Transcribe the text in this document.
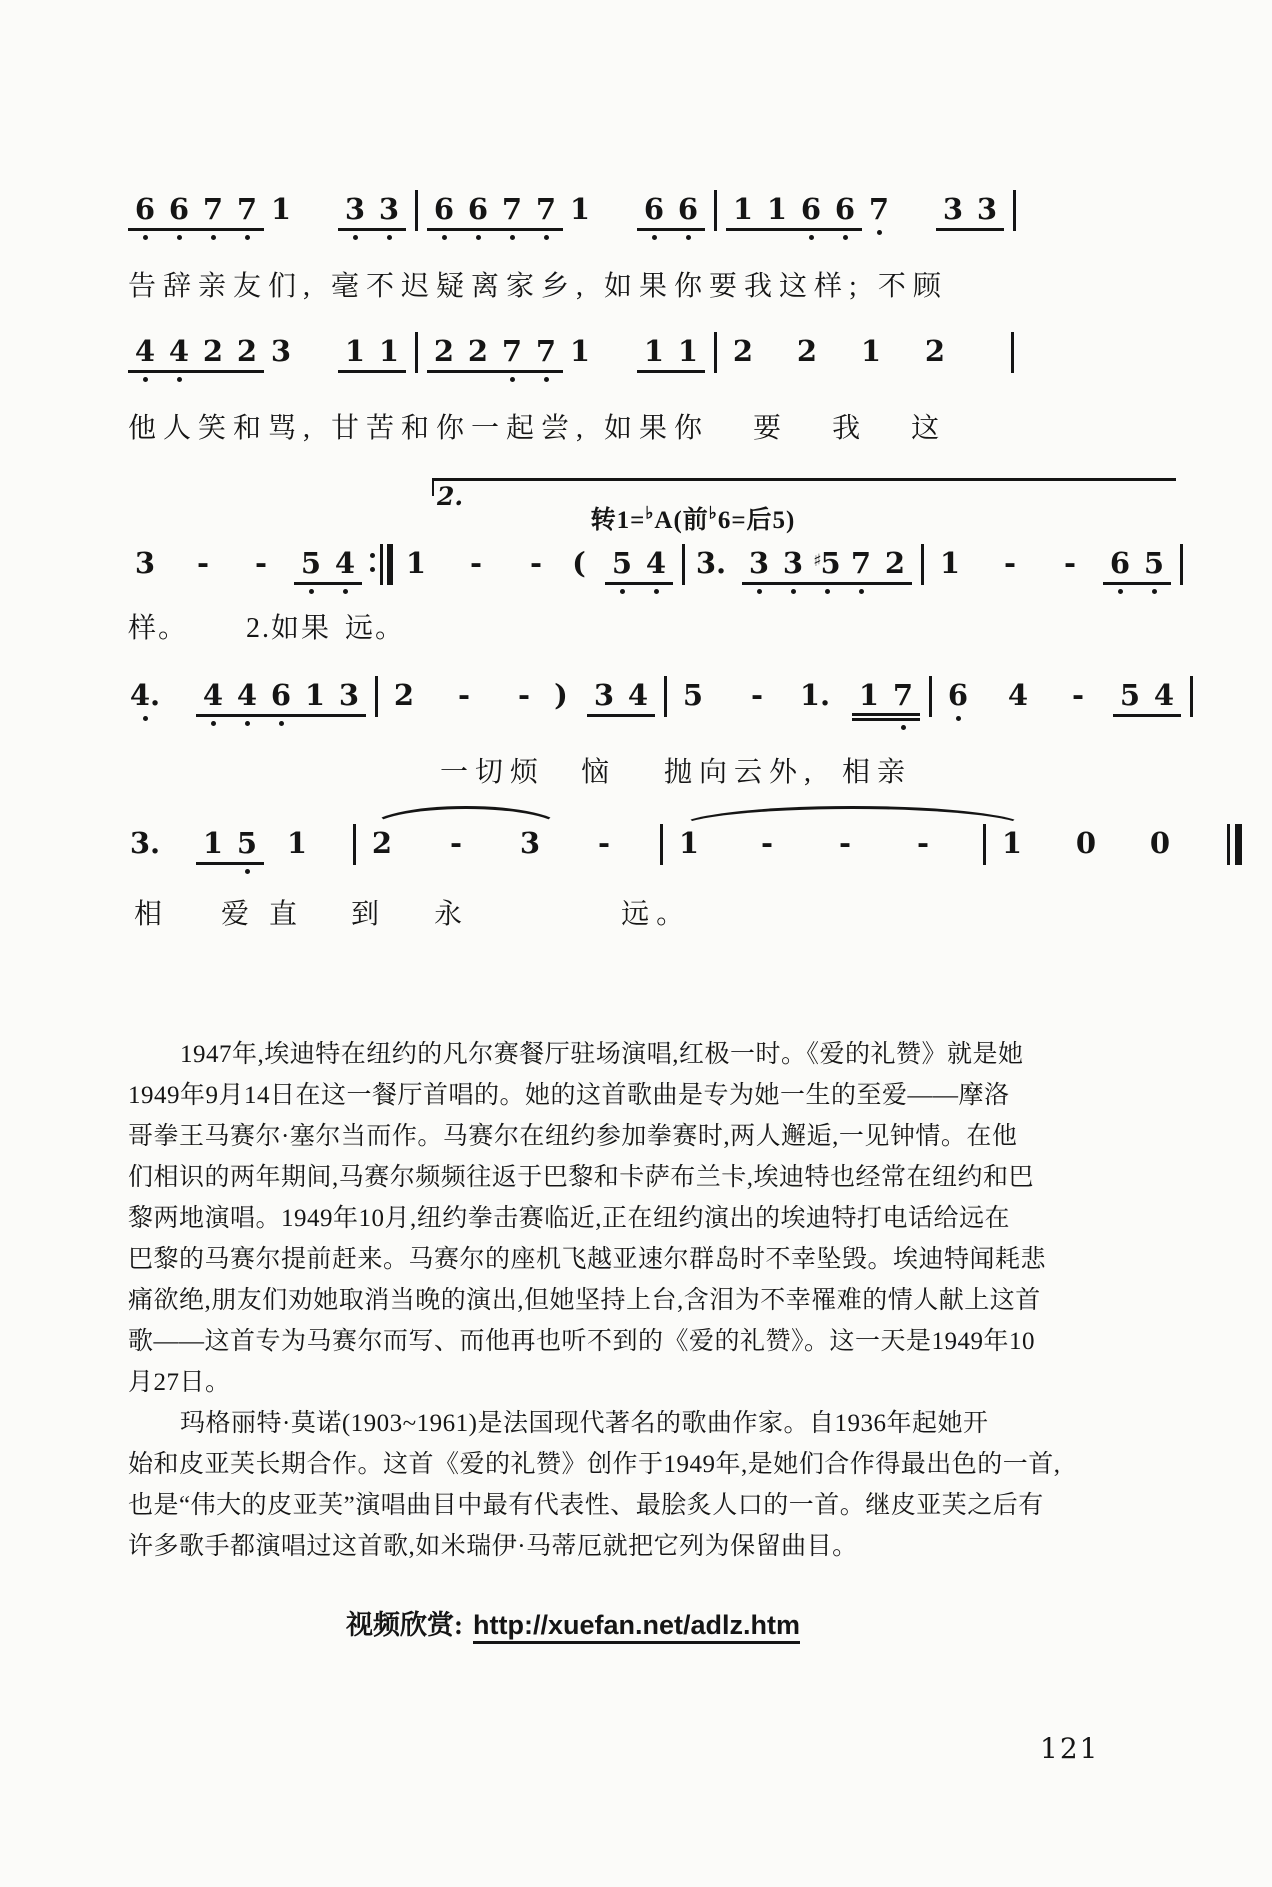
6 6 7 7 1 3 3 6 6 7 7 1 6 6 1 1 6 6 7 3 3
告辞亲友们, 毫不迟疑离家乡, 如果你要我这样; 不顾
4 4 2 2 3 1 1 2 2 7 7 1 1 1 2 2 1 2
他人笑和骂, 甘苦和你一起尝, 如果你 要 我 这
2.
转1=♭A(前♭6=后5)
3 - - 5 4 1 - - ( 5 4 3. 3 3 ♯ 5 7 2 1 - - 6 5
样。 2.如果 远。
4. 4 4 6 1 3 2 - - ) 3 4 5 - 1. 1 7 6 4 - 5 4
一切烦 恼 抛向云外, 相亲
3. 1 5 1 2 - 3 - 1 - - -	1 0 0
相 爱直 到 永	远。
1947年,埃迪特在纽约的凡尔赛餐厅驻场演唱,红极一时。《爱的礼赞》就是她
1949年9月14日在这一餐厅首唱的。她的这首歌曲是专为她一生的至爱——摩洛
哥拳王马赛尔·塞尔当而作。马赛尔在纽约参加拳赛时,两人邂逅,一见钟情。在他
们相识的两年期间,马赛尔频频往返于巴黎和卡萨布兰卡,埃迪特也经常在纽约和巴
黎两地演唱。1949年10月,纽约拳击赛临近,正在纽约演出的埃迪特打电话给远在
巴黎的马赛尔提前赶来。马赛尔的座机飞越亚速尔群岛时不幸坠毁。埃迪特闻耗悲
痛欲绝,朋友们劝她取消当晚的演出,但她坚持上台,含泪为不幸罹难的情人献上这首
歌——这首专为马赛尔而写、而他再也听不到的《爱的礼赞》。这一天是1949年10
月27日。
玛格丽特·莫诺(1903~1961)是法国现代著名的歌曲作家。自1936年起她开
始和皮亚芙长期合作。这首《爱的礼赞》创作于1949年,是她们合作得最出色的一首,
也是“伟大的皮亚芙”演唱曲目中最有代表性、最脍炙人口的一首。继皮亚芙之后有
许多歌手都演唱过这首歌,如米瑞伊·马蒂厄就把它列为保留曲目。
视频欣赏: http://xuefan.net/adlz.htm
121
